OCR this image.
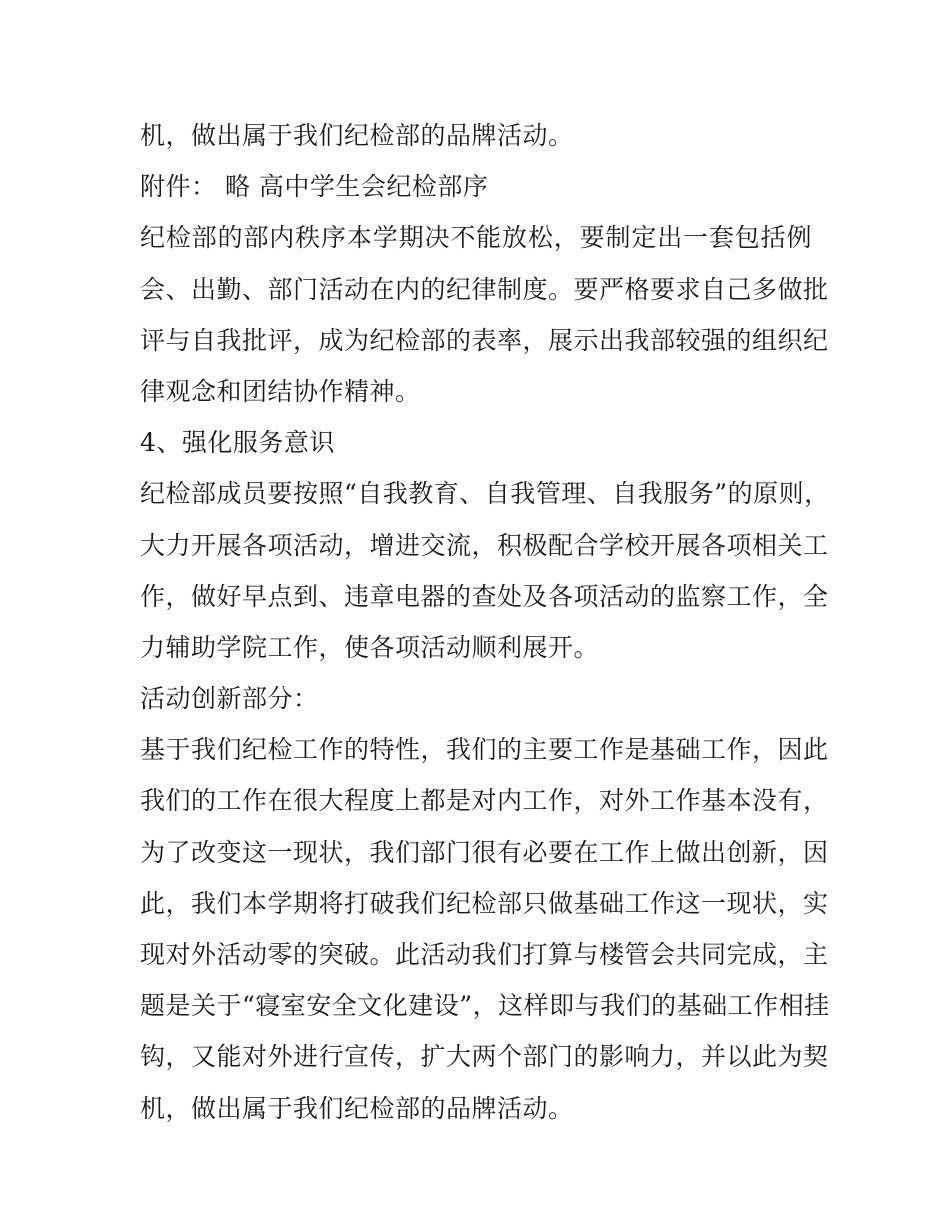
机，做出属于我们纪检部的品牌活动。
附件： 略 高中学生会纪检部序
纪检部的部内秩序本学期决不能放松，要制定出一套包括例
会、出勤、部门活动在内的纪律制度。要严格要求自己多做批
评与自我批评，成为纪检部的表率，展示出我部较强的组织纪
律观念和团结协作精神。
4、强化服务意识
纪检部成员要按照“自我教育、自我管理、自我服务”的原则，
大力开展各项活动，增进交流，积极配合学校开展各项相关工
作，做好早点到、违章电器的查处及各项活动的监察工作，全
力辅助学院工作，使各项活动顺利展开。
活动创新部分：
基于我们纪检工作的特性，我们的主要工作是基础工作，因此
我们的工作在很大程度上都是对内工作，对外工作基本没有，
为了改变这一现状，我们部门很有必要在工作上做出创新，因
此，我们本学期将打破我们纪检部只做基础工作这一现状，实
现对外活动零的突破。此活动我们打算与楼管会共同完成，主
题是关于“寝室安全文化建设”，这样即与我们的基础工作相挂
钩，又能对外进行宣传，扩大两个部门的影响力，并以此为契
机，做出属于我们纪检部的品牌活动。
